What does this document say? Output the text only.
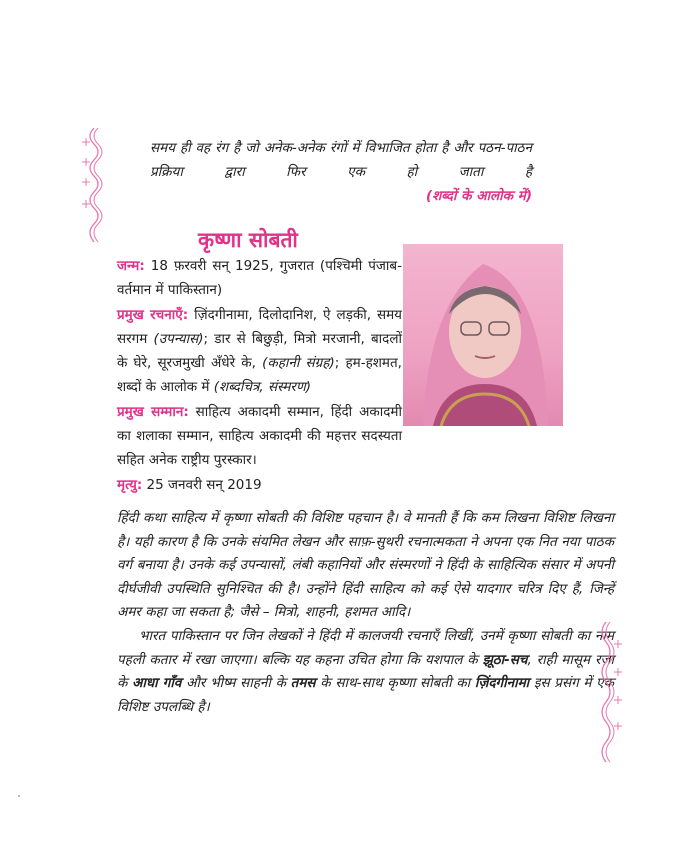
समय ही वह रंग है जो अनेक-अनेक रंगों में विभाजित होता है और पठन-पाठन प्रक्रिया द्वारा फिर एक हो जाता है
(शब्दों के आलोक में)
कृष्णा सोबती
जन्म: 18 फ़रवरी सन् 1925, गुजरात (पश्चिमी पंजाब- वर्तमान में पाकिस्तान)
प्रमुख रचनाएँ: ज़िंदगीनामा, दिलोदानिश, ऐ लड़की, समय सरगम (उपन्यास); डार से बिछुड़ी, मित्रो मरजानी, बादलों के घेरे, सूरजमुखी अँधेरे के, (कहानी संग्रह); हम-हशमत, शब्दों के आलोक में (शब्दचित्र, संस्मरण)
प्रमुख सम्मान: साहित्य अकादमी सम्मान, हिंदी अकादमी का शलाका सम्मान, साहित्य अकादमी की महत्तर सदस्यता सहित अनेक राष्ट्रीय पुरस्कार।
मृत्यु: 25 जनवरी सन् 2019

हिंदी कथा साहित्य में कृष्णा सोबती की विशिष्ट पहचान है। वे मानती हैं कि कम लिखना विशिष्ट लिखना है। यही कारण है कि उनके संयमित लेखन और साफ़-सुथरी रचनात्मकता ने अपना एक नित नया पाठक वर्ग बनाया है। उनके कई उपन्यासों, लंबी कहानियों और संस्मरणों ने हिंदी के साहित्यिक संसार में अपनी दीर्घजीवी उपस्थिति सुनिश्चित की है। उन्होंने हिंदी साहित्य को कई ऐसे यादगार चरित्र दिए हैं, जिन्हें अमर कहा जा सकता है; जैसे – मित्रो, शाहनी, हशमत आदि।

भारत पाकिस्तान पर जिन लेखकों ने हिंदी में कालजयी रचनाएँ लिखीं, उनमें कृष्णा सोबती का नाम पहली कतार में रखा जाएगा। बल्कि यह कहना उचित होगा कि यशपाल के झूठा-सच, राही मासूम रज़ा के आधा गाँव और भीष्म साहनी के तमस के साथ-साथ कृष्णा सोबती का ज़िंदगीनामा इस प्रसंग में एक विशिष्ट उपलब्धि है।
